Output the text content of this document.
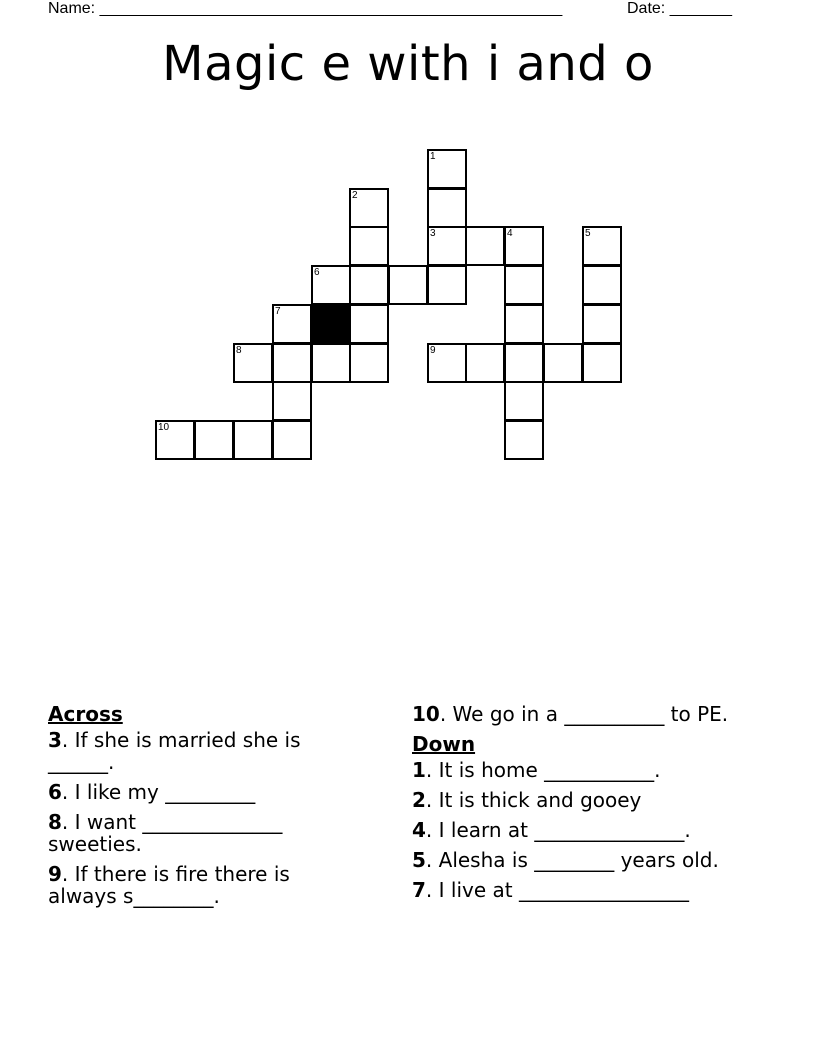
Name: ____________________________________________________	Date: _______
Magic e with i and o
1
2
3	4	5
6
7
8	9
10
Across
3. If she is married she is ______.
6. I like my _________
8. I want ______________ sweeties.
9. If there is fire there is always s________.
10. We go in a __________ to PE.
Down
1. It is home ___________.
2. It is thick and gooey
4. I learn at _______________.
5. Alesha is ________ years old.
7. I live at _________________
